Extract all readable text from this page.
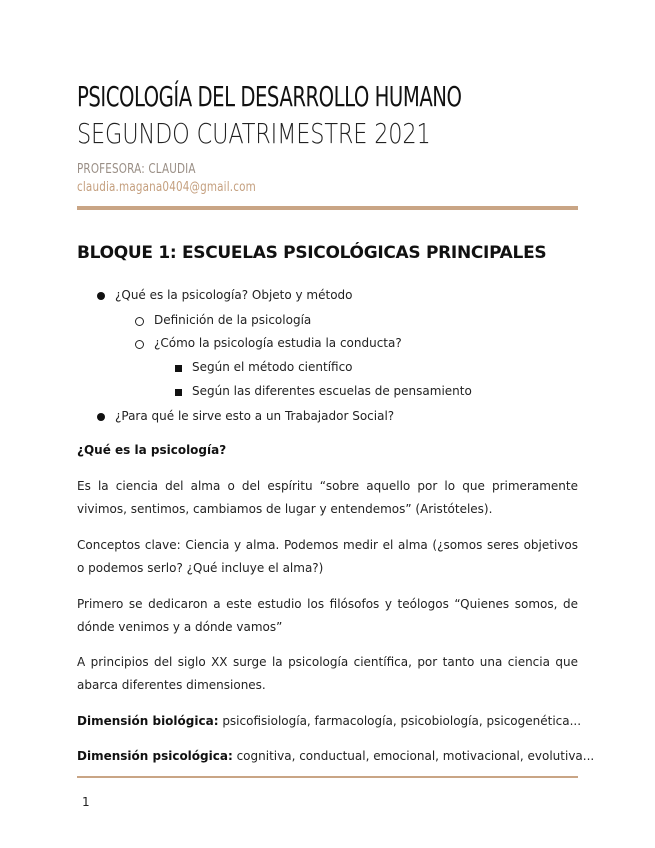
PSICOLOGÍA DEL DESARROLLO HUMANO
SEGUNDO CUATRIMESTRE 2021
PROFESORA: CLAUDIA
claudia.magana0404@gmail.com
BLOQUE 1: ESCUELAS PSICOLÓGICAS PRINCIPALES
¿Qué es la psicología? Objeto y método
Definición de la psicología
¿Cómo la psicología estudia la conducta?
Según el método científico
Según las diferentes escuelas de pensamiento
¿Para qué le sirve esto a un Trabajador Social?
¿Qué es la psicología?
Es la ciencia del alma o del espíritu “sobre aquello por lo que primeramente vivimos, sentimos, cambiamos de lugar y entendemos” (Aristóteles).
Conceptos clave: Ciencia y alma. Podemos medir el alma (¿somos seres objetivos o podemos serlo? ¿Qué incluye el alma?)
Primero se dedicaron a este estudio los filósofos y teólogos “Quienes somos, de dónde venimos y a dónde vamos”
A principios del siglo XX surge la psicología científica, por tanto una ciencia que abarca diferentes dimensiones.
Dimensión biológica: psicofisiología, farmacología, psicobiología, psicogenética...
Dimensión psicológica: cognitiva, conductual, emocional, motivacional, evolutiva...
1
